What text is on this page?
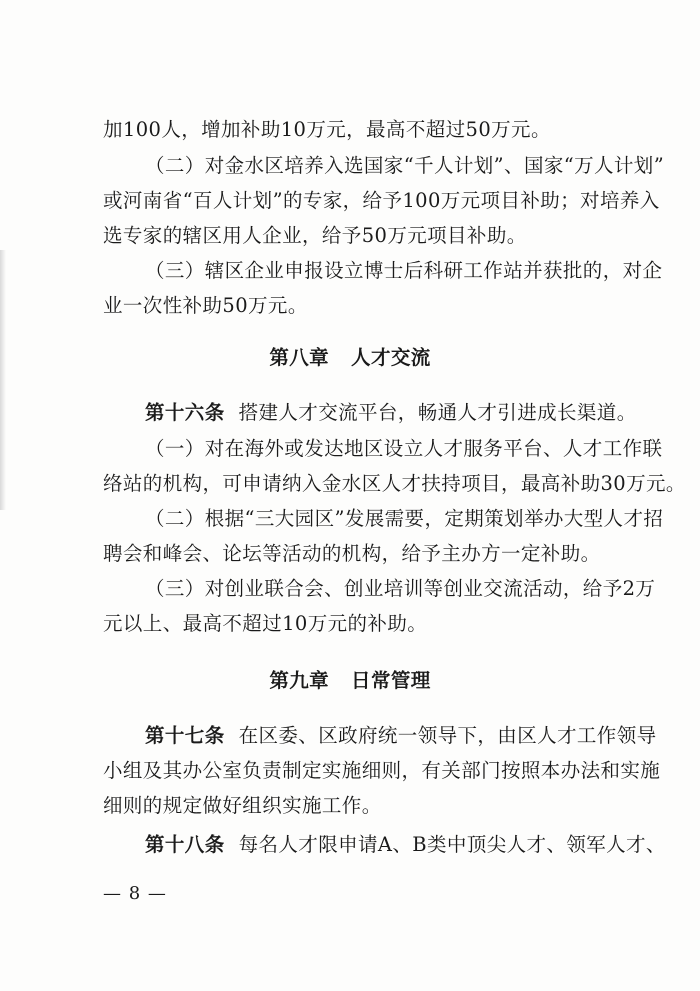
加100人，增加补助10万元，最高不超过50万元。
（二）对金水区培养入选国家“千人计划”、国家“万人计划”
或河南省“百人计划”的专家，给予100万元项目补助；对培养入
选专家的辖区用人企业，给予50万元项目补助。
（三）辖区企业申报设立博士后科研工作站并获批的，对企
业一次性补助50万元。
第八章 人才交流
第十六条 搭建人才交流平台，畅通人才引进成长渠道。
（一）对在海外或发达地区设立人才服务平台、人才工作联
络站的机构，可申请纳入金水区人才扶持项目，最高补助30万元。
（二）根据“三大园区”发展需要，定期策划举办大型人才招
聘会和峰会、论坛等活动的机构，给予主办方一定补助。
（三）对创业联合会、创业培训等创业交流活动，给予2万
元以上、最高不超过10万元的补助。
第九章 日常管理
第十七条 在区委、区政府统一领导下，由区人才工作领导
小组及其办公室负责制定实施细则，有关部门按照本办法和实施
细则的规定做好组织实施工作。
第十八条 每名人才限申请A、B类中顶尖人才、领军人才、
— 8 —
